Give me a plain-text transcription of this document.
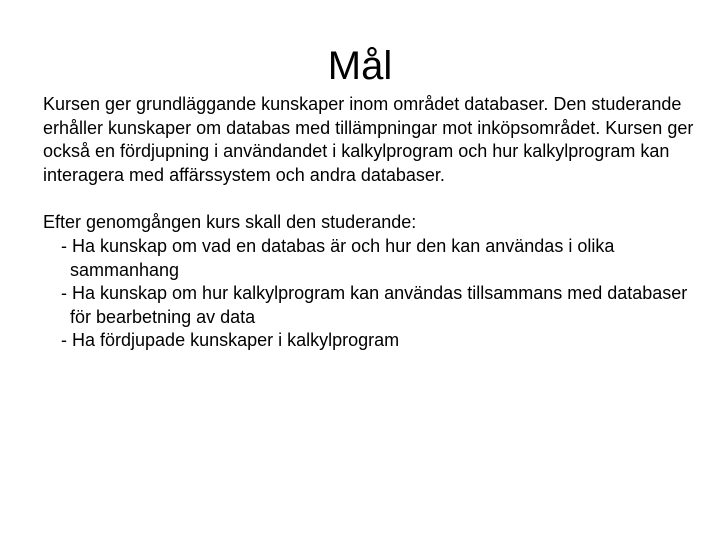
Mål

Kursen ger grundläggande kunskaper inom området databaser. Den studerande erhåller kunskaper om databas med tillämpningar mot inköpsområdet. Kursen ger också en fördjupning i användandet i kalkylprogram och hur kalkylprogram kan interagera med affärssystem och andra databaser.

Efter genomgången kurs skall den studerande:

- Ha kunskap om vad en databas är och hur den kan användas i olika sammanhang
- Ha kunskap om hur kalkylprogram kan användas tillsammans med databaser för bearbetning av data
- Ha fördjupade kunskaper i kalkylprogram
